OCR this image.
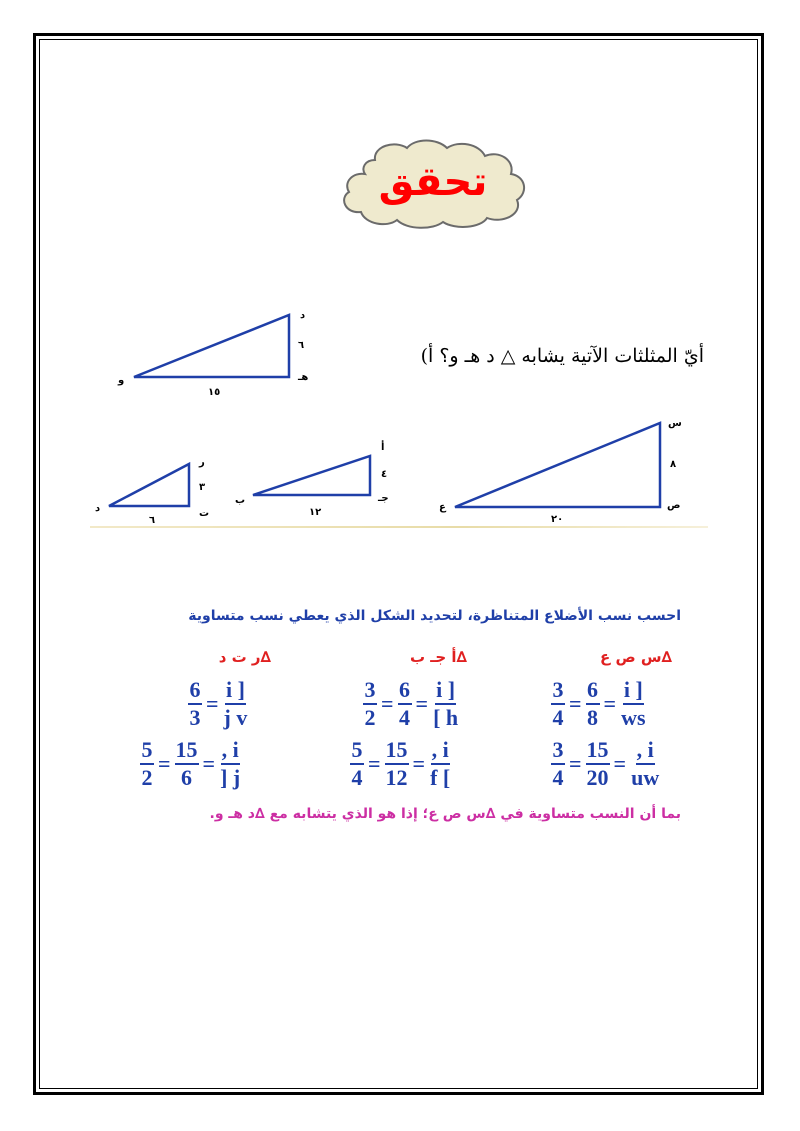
تحقق
أيّ المثلثات الآتية يشابه △ د هـ و؟ أ)
د
٦
هـ
و
١٥
س
٨
ص
ع
٢٠
أ
٤
جـ
ب
١٢
ر
٣
ت
د
٦
احسب نسب الأضلاع المتناظرة، لتحديد الشكل الذي يعطي نسب متساوية
∆س ص ع
∆أ جـ ب
∆ر ت د
$\frac{3}{4} = \frac{6}{8} = \frac{i ]}{ws}$
$\frac{3}{4} = \frac{15}{20} = \frac{, i}{uw}$
$\frac{3}{2} = \frac{6}{4} = \frac{i ]}{[ h}$
$\frac{5}{4} = \frac{15}{12} = \frac{, i}{f [}$
$\frac{6}{3} = \frac{i ]}{\text{j v}}$
$\frac{5}{2} = \frac{15}{6} = \frac{, i}{] j}$
بما أن النسب متساوية في ∆س ص ع؛ إذا هو الذي يتشابه مع ∆د هـ و.
